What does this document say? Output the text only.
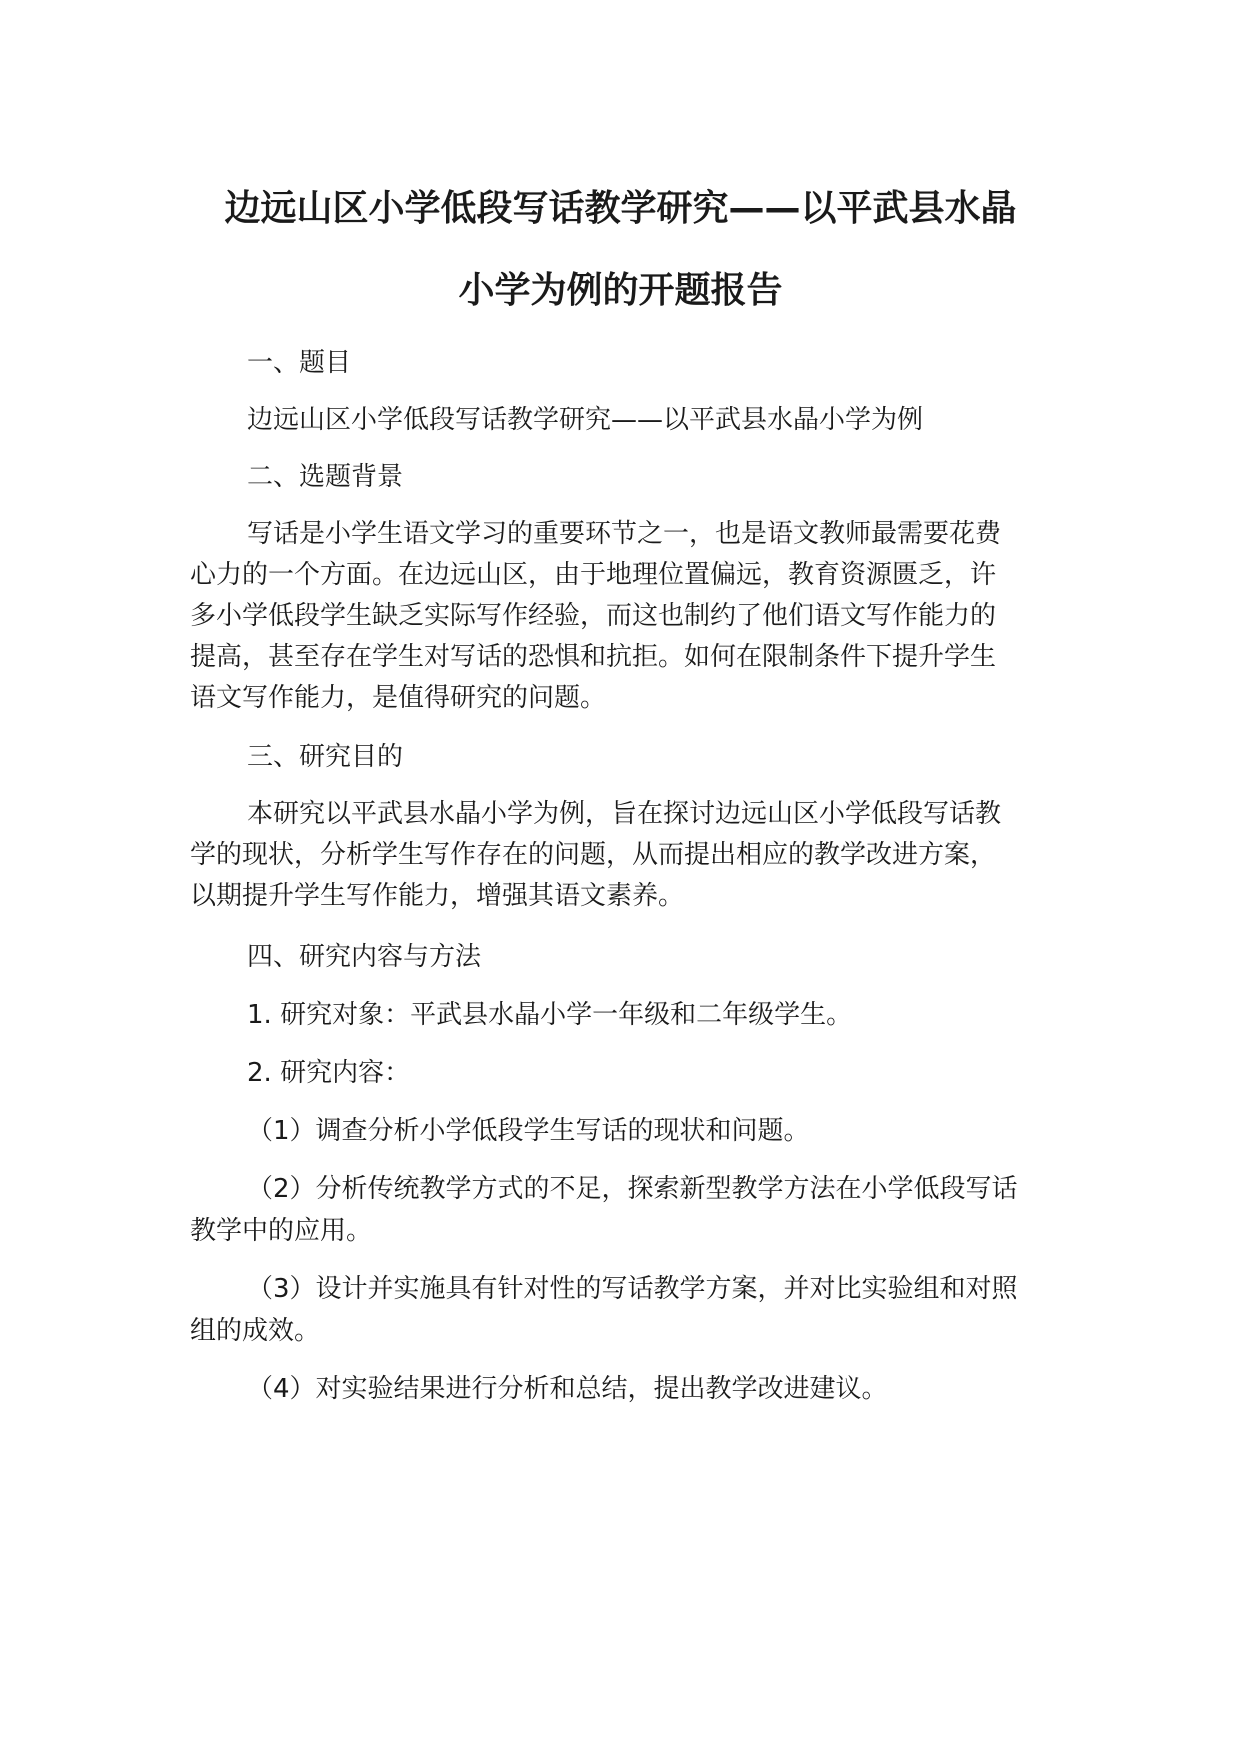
边远山区小学低段写话教学研究——以平武县水晶
小学为例的开题报告
一、题目
边远山区小学低段写话教学研究——以平武县水晶小学为例
二、选题背景
写话是小学生语文学习的重要环节之一，也是语文教师最需要花费
心力的一个方面。在边远山区，由于地理位置偏远，教育资源匮乏，许
多小学低段学生缺乏实际写作经验，而这也制约了他们语文写作能力的
提高，甚至存在学生对写话的恐惧和抗拒。如何在限制条件下提升学生
语文写作能力，是值得研究的问题。
三、研究目的
本研究以平武县水晶小学为例，旨在探讨边远山区小学低段写话教
学的现状，分析学生写作存在的问题，从而提出相应的教学改进方案，
以期提升学生写作能力，增强其语文素养。
四、研究内容与方法
1. 研究对象：平武县水晶小学一年级和二年级学生。
2. 研究内容：
（1）调查分析小学低段学生写话的现状和问题。
（2）分析传统教学方式的不足，探索新型教学方法在小学低段写话
教学中的应用。
（3）设计并实施具有针对性的写话教学方案，并对比实验组和对照
组的成效。
（4）对实验结果进行分析和总结，提出教学改进建议。
